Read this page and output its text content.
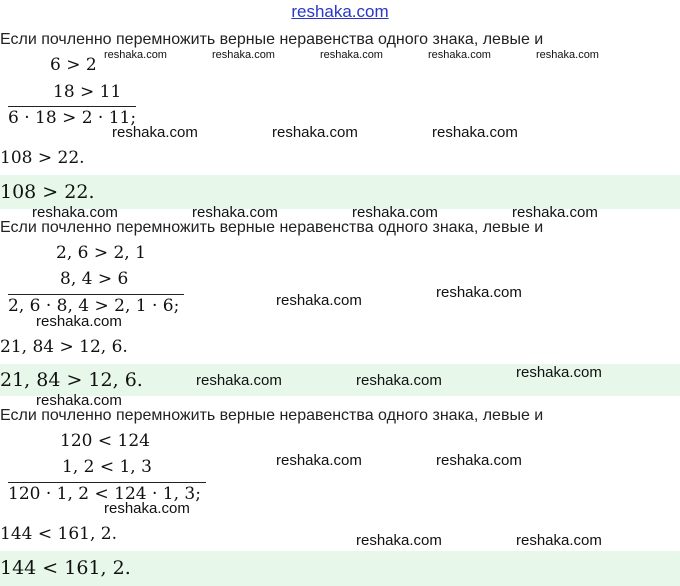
reshaka.com
Если почленно перемножить верные неравенства одного знака, левые и
6 > 2
18 > 11
6 · 18 > 2 · 11;
108 > 22.
108 > 22.
Если почленно перемножить верные неравенства одного знака, левые и
2, 6 > 2, 1
8, 4 > 6
2, 6 · 8, 4 > 2, 1 · 6;
21, 84 > 12, 6.
21, 84 > 12, 6.
Если почленно перемножить верные неравенства одного знака, левые и
120 < 124
1, 2 < 1, 3
120 · 1, 2 < 124 · 1, 3;
144 < 161, 2.
144 < 161, 2.
reshaka.com	reshaka.com	reshaka.com	reshaka.com	reshaka.com
reshaka.com	reshaka.com	reshaka.com
reshaka.com	reshaka.com	reshaka.com	reshaka.com
reshaka.com	reshaka.com
reshaka.com
reshaka.com	reshaka.com	reshaka.com
reshaka.com
reshaka.com	reshaka.com
reshaka.com
reshaka.com	reshaka.com
